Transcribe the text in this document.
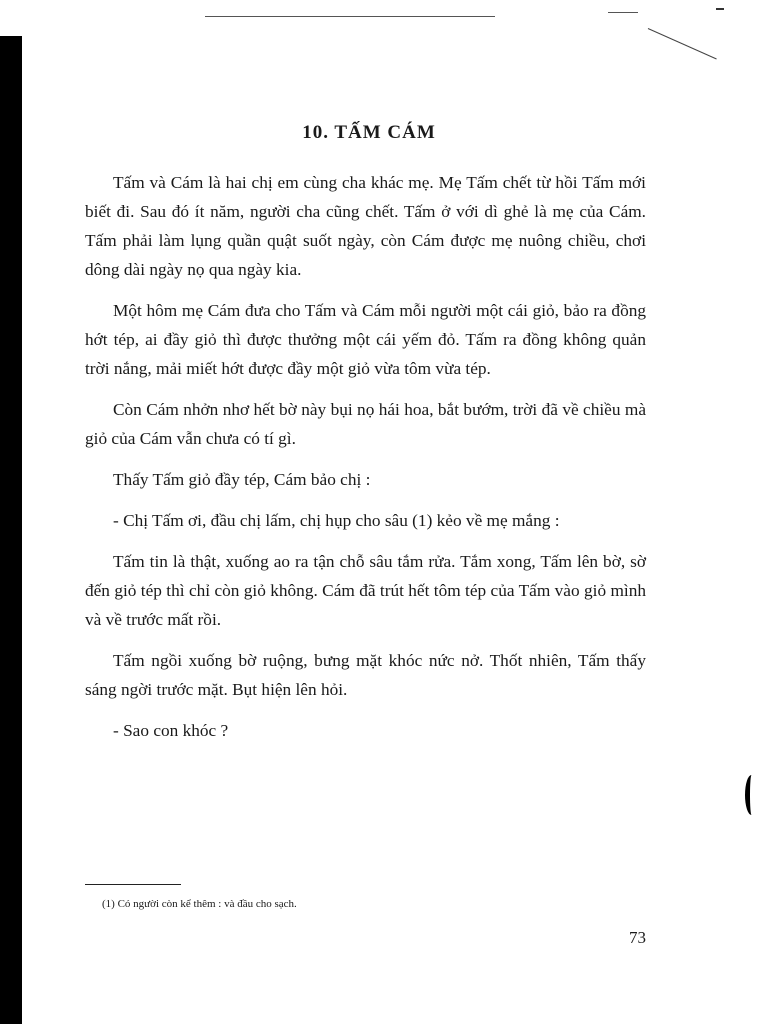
10. TẤM CÁM

Tấm và Cám là hai chị em cùng cha khác mẹ. Mẹ Tấm chết từ hồi Tấm mới biết đi. Sau đó ít năm, người cha cũng chết. Tấm ở với dì ghẻ là mẹ của Cám. Tấm phải làm lụng quần quật suốt ngày, còn Cám được mẹ nuông chiều, chơi dông dài ngày nọ qua ngày kia.

Một hôm mẹ Cám đưa cho Tấm và Cám mỗi người một cái giỏ, bảo ra đồng hớt tép, ai đầy giỏ thì được thưởng một cái yếm đỏ. Tấm ra đồng không quản trời nắng, mải miết hớt được đầy một giỏ vừa tôm vừa tép.

Còn Cám nhởn nhơ hết bờ này bụi nọ hái hoa, bắt bướm, trời đã về chiều mà giỏ của Cám vẫn chưa có tí gì.

Thấy Tấm giỏ đầy tép, Cám bảo chị :

- Chị Tấm ơi, đầu chị lấm, chị hụp cho sâu (1) kẻo về mẹ mắng :

Tấm tin là thật, xuống ao ra tận chỗ sâu tắm rửa. Tắm xong, Tấm lên bờ, sờ đến giỏ tép thì chỉ còn giỏ không. Cám đã trút hết tôm tép của Tấm vào giỏ mình và về trước mất rồi.

Tấm ngồi xuống bờ ruộng, bưng mặt khóc nức nở. Thốt nhiên, Tấm thấy sáng ngời trước mặt. Bụt hiện lên hỏi.

- Sao con khóc ?

(1) Có người còn kể thêm : và đầu cho sạch.
73
